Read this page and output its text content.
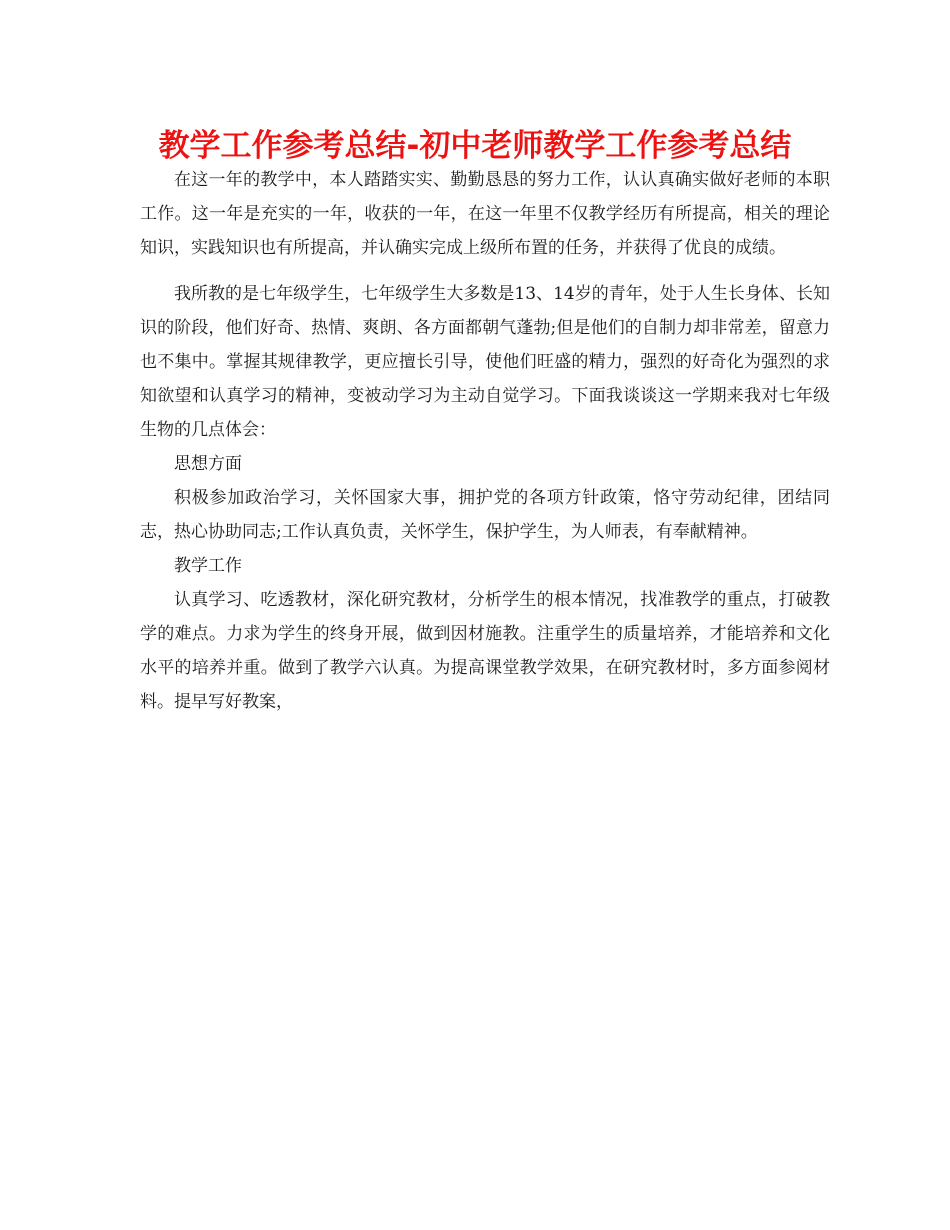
教学工作参考总结-初中老师教学工作参考总结

在这一年的教学中，本人踏踏实实、勤勤恳恳的努力工作，认认真确实做好老师的本职工作。这一年是充实的一年，收获的一年，在这一年里不仅教学经历有所提高，相关的理论知识，实践知识也有所提高，并认确实完成上级所布置的任务，并获得了优良的成绩。

我所教的是七年级学生，七年级学生大多数是13、14岁的青年，处于人生长身体、长知识的阶段，他们好奇、热情、爽朗、各方面都朝气蓬勃;但是他们的自制力却非常差，留意力也不集中。掌握其规律教学，更应擅长引导，使他们旺盛的精力，强烈的好奇化为强烈的求知欲望和认真学习的精神，变被动学习为主动自觉学习。下面我谈谈这一学期来我对七年级生物的几点体会：

思想方面

积极参加政治学习，关怀国家大事，拥护党的各项方针政策，恪守劳动纪律，团结同志，热心协助同志;工作认真负责，关怀学生，保护学生，为人师表，有奉献精神。

教学工作

认真学习、吃透教材，深化研究教材，分析学生的根本情况，找准教学的重点，打破教学的难点。力求为学生的终身开展，做到因材施教。注重学生的质量培养，才能培养和文化水平的培养并重。做到了教学六认真。为提高课堂教学效果，在研究教材时，多方面参阅材料。提早写好教案，
